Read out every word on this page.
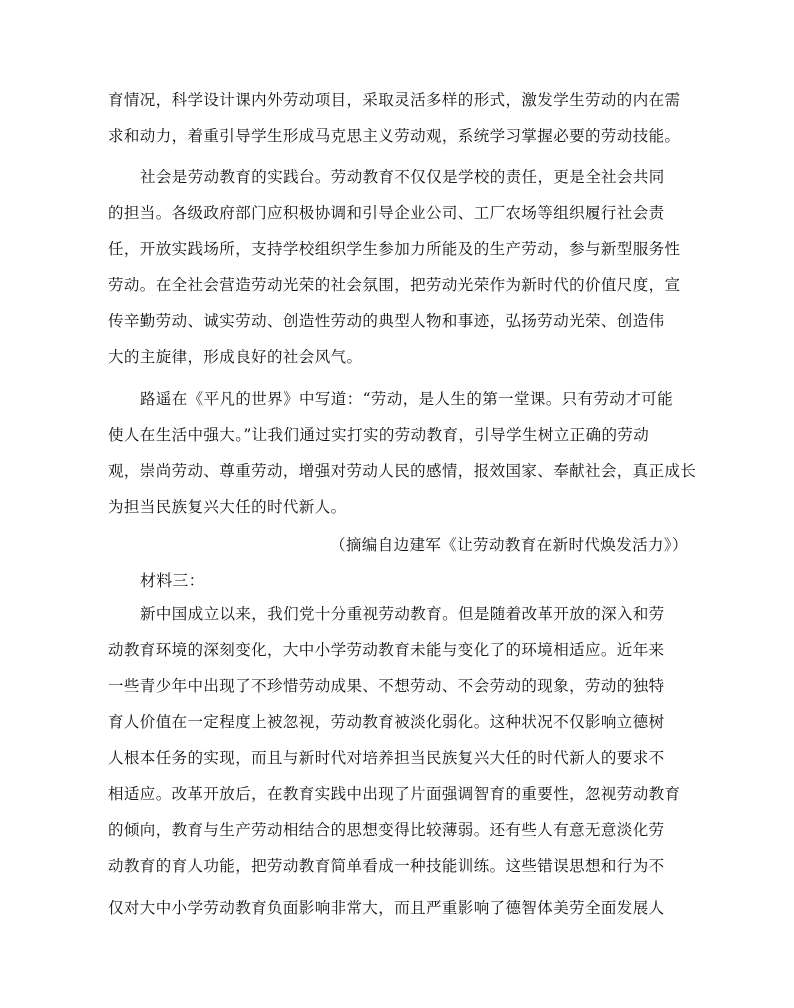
育情况，科学设计课内外劳动项目，采取灵活多样的形式，激发学生劳动的内在需
求和动力，着重引导学生形成马克思主义劳动观，系统学习掌握必要的劳动技能。
社会是劳动教育的实践台。劳动教育不仅仅是学校的责任，更是全社会共同
的担当。各级政府部门应积极协调和引导企业公司、工厂农场等组织履行社会责
任，开放实践场所，支持学校组织学生参加力所能及的生产劳动，参与新型服务性
劳动。在全社会营造劳动光荣的社会氛围，把劳动光荣作为新时代的价值尺度，宣
传辛勤劳动、诚实劳动、创造性劳动的典型人物和事迹，弘扬劳动光荣、创造伟
大的主旋律，形成良好的社会风气。
路遥在《平凡的世界》中写道：“劳动，是人生的第一堂课。只有劳动才可能
使人在生活中强大。”让我们通过实打实的劳动教育，引导学生树立正确的劳动
观，崇尚劳动、尊重劳动，增强对劳动人民的感情，报效国家、奉献社会，真正成长
为担当民族复兴大任的时代新人。
（摘编自边建军《让劳动教育在新时代焕发活力》）
材料三：
新中国成立以来，我们党十分重视劳动教育。但是随着改革开放的深入和劳
动教育环境的深刻变化，大中小学劳动教育未能与变化了的环境相适应。近年来
一些青少年中出现了不珍惜劳动成果、不想劳动、不会劳动的现象，劳动的独特
育人价值在一定程度上被忽视，劳动教育被淡化弱化。这种状况不仅影响立德树
人根本任务的实现，而且与新时代对培养担当民族复兴大任的时代新人的要求不
相适应。改革开放后，在教育实践中出现了片面强调智育的重要性，忽视劳动教育
的倾向，教育与生产劳动相结合的思想变得比较薄弱。还有些人有意无意淡化劳
动教育的育人功能，把劳动教育简单看成一种技能训练。这些错误思想和行为不
仅对大中小学劳动教育负面影响非常大，而且严重影响了德智体美劳全面发展人
